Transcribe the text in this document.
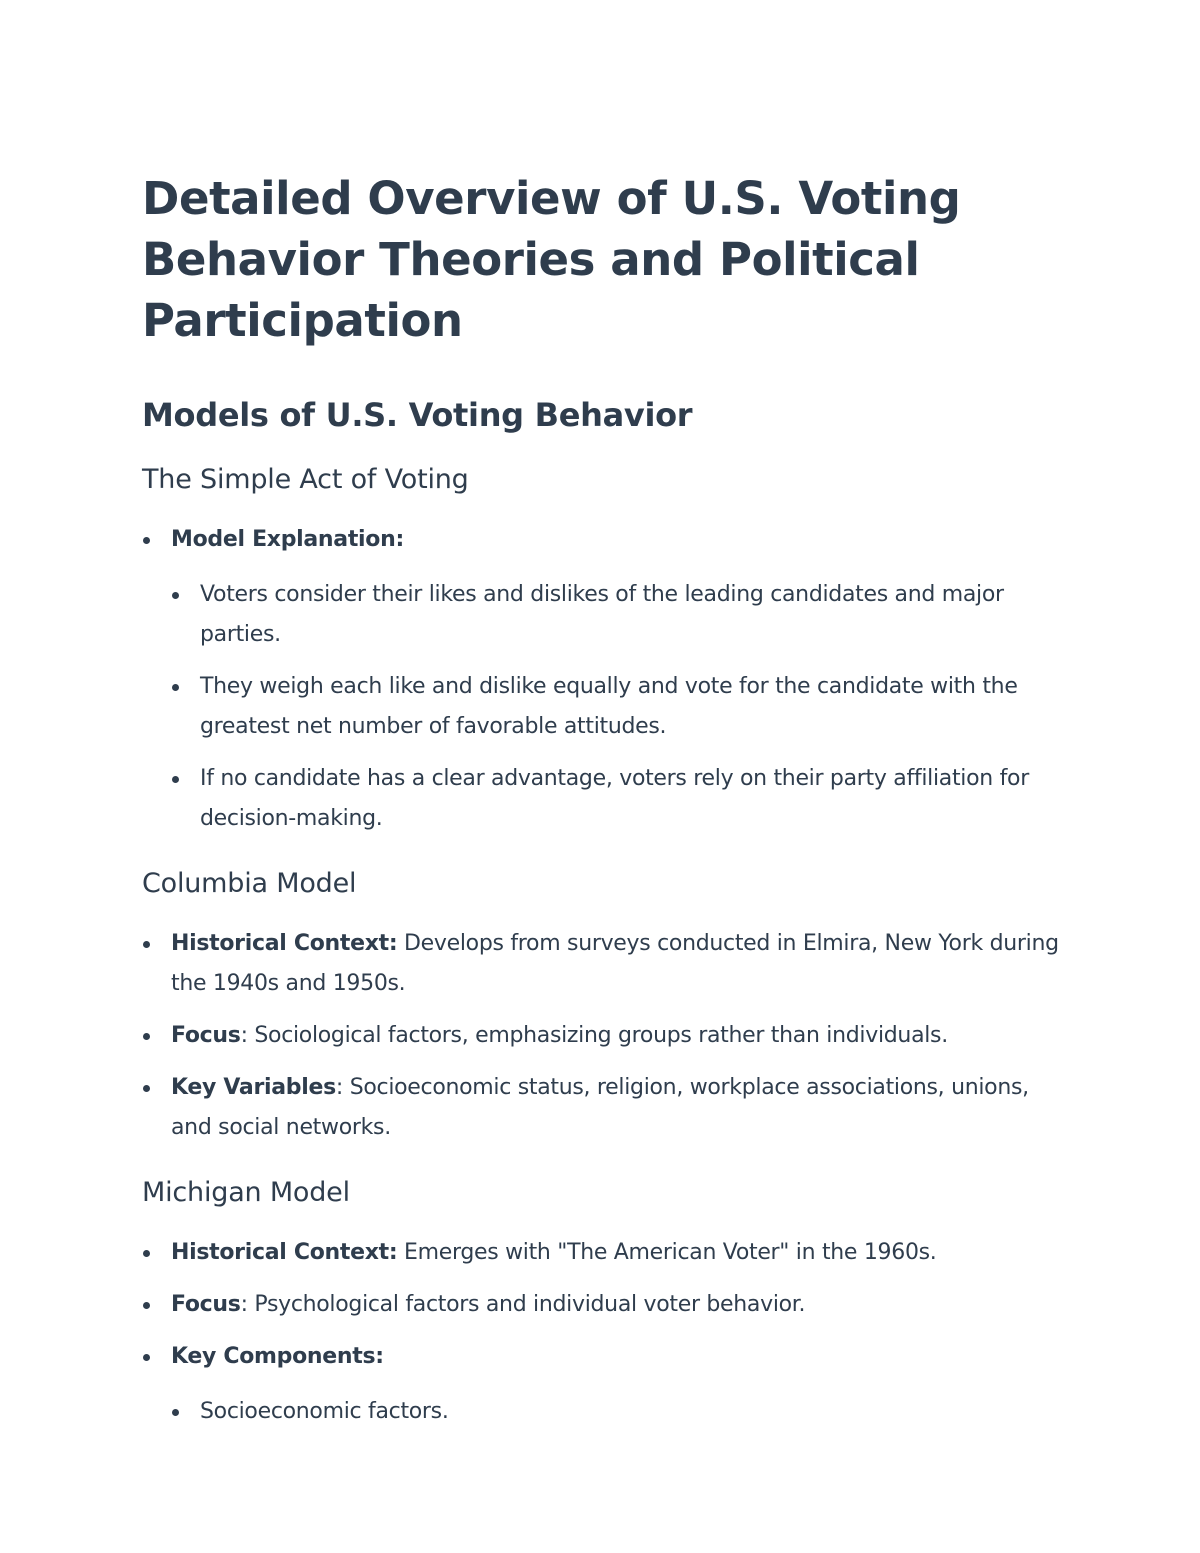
Detailed Overview of U.S. Voting Behavior Theories and Political Participation
Models of U.S. Voting Behavior
The Simple Act of Voting
Model Explanation:
Voters consider their likes and dislikes of the leading candidates and major parties.
They weigh each like and dislike equally and vote for the candidate with the greatest net number of favorable attitudes.
If no candidate has a clear advantage, voters rely on their party affiliation for decision-making.
Columbia Model
Historical Context: Develops from surveys conducted in Elmira, New York during the 1940s and 1950s.
Focus: Sociological factors, emphasizing groups rather than individuals.
Key Variables: Socioeconomic status, religion, workplace associations, unions, and social networks.
Michigan Model
Historical Context: Emerges with "The American Voter" in the 1960s.
Focus: Psychological factors and individual voter behavior.
Key Components:
Socioeconomic factors.
